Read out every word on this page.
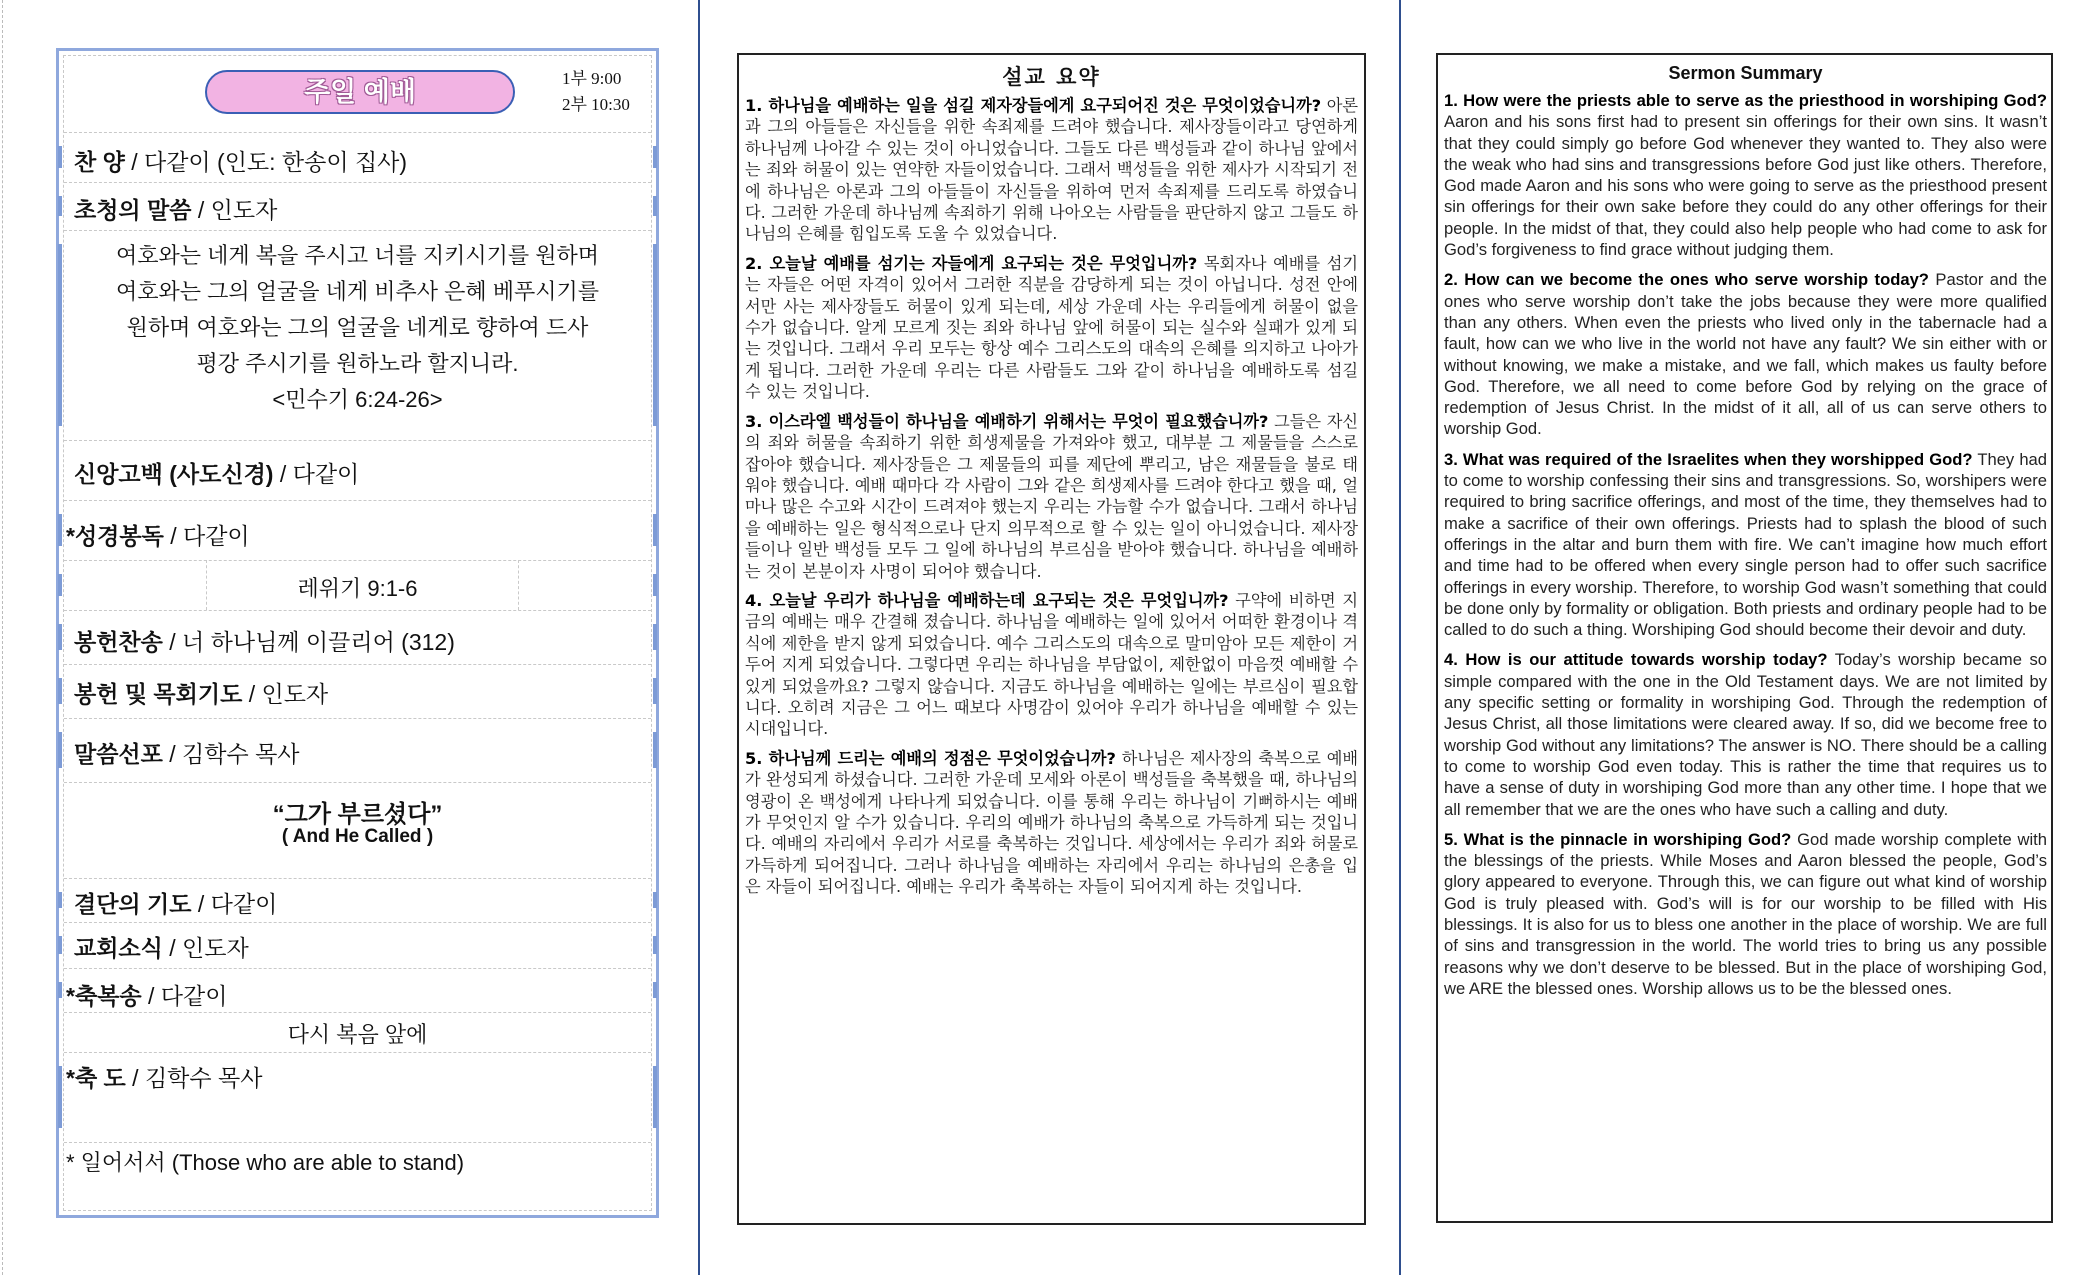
주일 예배	1부 9:00
2부 10:30
찬 양 / 다같이 (인도: 한송이 집사)
초청의 말씀 / 인도자
여호와는 네게 복을 주시고 너를 지키시기를 원하며
여호와는 그의 얼굴을 네게 비추사 은혜 베푸시기를
원하며 여호와는 그의 얼굴을 네게로 향하여 드사
평강 주시기를 원하노라 할지니라.
<민수기 6:24-26>
신앙고백 (사도신경) / 다같이
*성경봉독 / 다같이
레위기 9:1-6
봉헌찬송 / 너 하나님께 이끌리어 (312)
봉헌 및 목회기도 / 인도자
말씀선포 / 김학수 목사
“그가 부르셨다”
( And He Called )
결단의 기도 / 다같이
교회소식 / 인도자
*축복송 / 다같이
다시 복음 앞에
*축 도 / 김학수 목사
* 일어서서 (Those who are able to stand)
설교 요약

1. 하나님을 예배하는 일을 섬길 제자장들에게 요구되어진 것은 무엇이었습니까? 아론과 그의 아들들은 자신들을 위한 속죄제를 드려야 했습니다. 제사장들이라고 당연하게 하나님께 나아갈 수 있는 것이 아니었습니다. 그들도 다른 백성들과 같이 하나님 앞에서는 죄와 허물이 있는 연약한 자들이었습니다. 그래서 백성들을 위한 제사가 시작되기 전에 하나님은 아론과 그의 아들들이 자신들을 위하여 먼저 속죄제를 드리도록 하였습니다. 그러한 가운데 하나님께 속죄하기 위해 나아오는 사람들을 판단하지 않고 그들도 하나님의 은혜를 힘입도록 도울 수 있었습니다.

2. 오늘날 예배를 섬기는 자들에게 요구되는 것은 무엇입니까? 목회자나 예배를 섬기는 자들은 어떤 자격이 있어서 그러한 직분을 감당하게 되는 것이 아닙니다. 성전 안에서만 사는 제사장들도 허물이 있게 되는데, 세상 가운데 사는 우리들에게 허물이 없을 수가 없습니다. 알게 모르게 짓는 죄와 하나님 앞에 허물이 되는 실수와 실패가 있게 되는 것입니다. 그래서 우리 모두는 항상 예수 그리스도의 대속의 은혜를 의지하고 나아가게 됩니다. 그러한 가운데 우리는 다른 사람들도 그와 같이 하나님을 예배하도록 섬길 수 있는 것입니다.

3. 이스라엘 백성들이 하나님을 예배하기 위해서는 무엇이 필요했습니까? 그들은 자신의 죄와 허물을 속죄하기 위한 희생제물을 가져와야 했고, 대부분 그 제물들을 스스로 잡아야 했습니다. 제사장들은 그 제물들의 피를 제단에 뿌리고, 남은 재물들을 불로 태워야 했습니다. 예배 때마다 각 사람이 그와 같은 희생제사를 드려야 한다고 했을 때, 얼마나 많은 수고와 시간이 드려져야 했는지 우리는 가늠할 수가 없습니다. 그래서 하나님을 예배하는 일은 형식적으로나 단지 의무적으로 할 수 있는 일이 아니었습니다. 제사장들이나 일반 백성들 모두 그 일에 하나님의 부르심을 받아야 했습니다. 하나님을 예배하는 것이 본분이자 사명이 되어야 했습니다.

4. 오늘날 우리가 하나님을 예배하는데 요구되는 것은 무엇입니까? 구약에 비하면 지금의 예배는 매우 간결해 졌습니다. 하나님을 예배하는 일에 있어서 어떠한 환경이나 격식에 제한을 받지 않게 되었습니다. 예수 그리스도의 대속으로 말미암아 모든 제한이 거두어 지게 되었습니다. 그렇다면 우리는 하나님을 부담없이, 제한없이 마음껏 예배할 수 있게 되었을까요? 그렇지 않습니다. 지금도 하나님을 예배하는 일에는 부르심이 필요합니다. 오히려 지금은 그 어느 때보다 사명감이 있어야 우리가 하나님을 예배할 수 있는 시대입니다.

5. 하나님께 드리는 예배의 정점은 무엇이었습니까? 하나님은 제사장의 축복으로 예배가 완성되게 하셨습니다. 그러한 가운데 모세와 아론이 백성들을 축복했을 때, 하나님의 영광이 온 백성에게 나타나게 되었습니다. 이를 통해 우리는 하나님이 기뻐하시는 예배가 무엇인지 알 수가 있습니다. 우리의 예배가 하나님의 축복으로 가득하게 되는 것입니다. 예배의 자리에서 우리가 서로를 축복하는 것입니다. 세상에서는 우리가 죄와 허물로 가득하게 되어집니다. 그러나 하나님을 예배하는 자리에서 우리는 하나님의 은총을 입은 자들이 되어집니다. 예배는 우리가 축복하는 자들이 되어지게 하는 것입니다.

Sermon Summary

1. How were the priests able to serve as the priesthood in worshiping God? Aaron and his sons first had to present sin offerings for their own sins. It wasn’t that they could simply go before God whenever they wanted to. They also were the weak who had sins and transgressions before God just like others. Therefore, God made Aaron and his sons who were going to serve as the priesthood present sin offerings for their own sake before they could do any other offerings for their people. In the midst of that, they could also help people who had come to ask for God’s forgiveness to find grace without judging them.

2. How can we become the ones who serve worship today? Pastor and the ones who serve worship don’t take the jobs because they were more qualified than any others. When even the priests who lived only in the tabernacle had a fault, how can we who live in the world not have any fault? We sin either with or without knowing, we make a mistake, and we fall, which makes us faulty before God. Therefore, we all need to come before God by relying on the grace of redemption of Jesus Christ. In the midst of it all, all of us can serve others to worship God.

3. What was required of the Israelites when they worshipped God? They had to come to worship confessing their sins and transgressions. So, worshipers were required to bring sacrifice offerings, and most of the time, they themselves had to make a sacrifice of their own offerings. Priests had to splash the blood of such offerings in the altar and burn them with fire. We can’t imagine how much effort and time had to be offered when every single person had to offer such sacrifice offerings in every worship. Therefore, to worship God wasn’t something that could be done only by formality or obligation. Both priests and ordinary people had to be called to do such a thing. Worshiping God should become their devoir and duty.

4. How is our attitude towards worship today? Today’s worship became so simple compared with the one in the Old Testament days. We are not limited by any specific setting or formality in worshiping God. Through the redemption of Jesus Christ, all those limitations were cleared away. If so, did we become free to worship God without any limitations? The answer is NO. There should be a calling to come to worship God even today. This is rather the time that requires us to have a sense of duty in worshiping God more than any other time. I hope that we all remember that we are the ones who have such a calling and duty.

5. What is the pinnacle in worshiping God? God made worship complete with the blessings of the priests. While Moses and Aaron blessed the people, God’s glory appeared to everyone. Through this, we can figure out what kind of worship God is truly pleased with. God’s will is for our worship to be filled with His blessings. It is also for us to bless one another in the place of worship. We are full of sins and transgression in the world. The world tries to bring us any possible reasons why we don’t deserve to be blessed. But in the place of worshiping God, we ARE the blessed ones. Worship allows us to be the blessed ones.
